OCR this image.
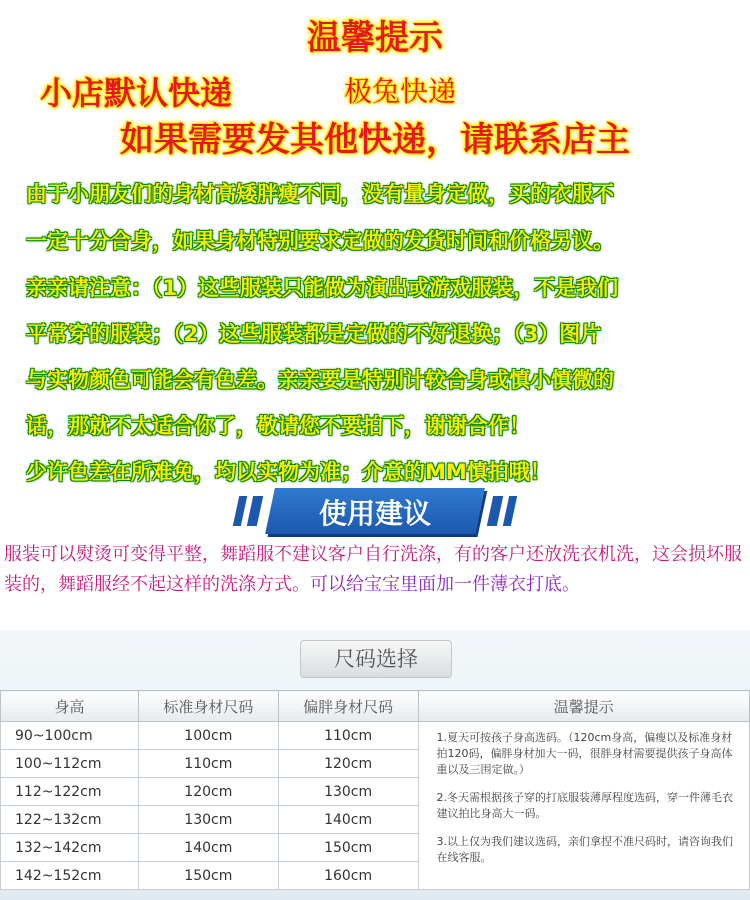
温馨提示
小店默认快递	极兔快递
如果需要发其他快递，请联系店主
由于小朋友们的身材高矮胖瘦不同，没有量身定做，买的衣服不
一定十分合身，如果身材特别要求定做的发货时间和价格另议。
亲亲请注意：（1）这些服装只能做为演出或游戏服装，不是我们
平常穿的服装；（2）这些服装都是定做的不好退换；（3）图片
与实物颜色可能会有色差。亲亲要是特别计较合身或慎小慎微的
话，那就不太适合你了，敬请您不要拍下，谢谢合作！
少许色差在所难免，均以实物为准；介意的MM慎拍哦！
使用建议
服装可以熨烫可变得平整，舞蹈服不建议客户自行洗涤，有的客户还放洗衣机洗，这会损坏服装的，舞蹈服经不起这样的洗涤方式。可以给宝宝里面加一件薄衣打底。
尺码选择
身高	标准身材尺码	偏胖身材尺码	温馨提示
90~100cm	100cm	110cm	1.夏天可按孩子身高选码。（120cm身高，偏瘦以及标准身材拍120码，偏胖身材加大一码，很胖身材需要提供孩子身高体重以及三围定做。）

2.冬天需根据孩子穿的打底服装薄厚程度选码，穿一件薄毛衣建议拍比身高大一码。

3.以上仅为我们建议选码，亲们拿捏不准尺码时，请咨询我们在线客服。

100~112cm	110cm	120cm	
112~122cm	120cm	130cm	
122~132cm	130cm	140cm	
132~142cm	140cm	150cm	
142~152cm	150cm	160cm	
